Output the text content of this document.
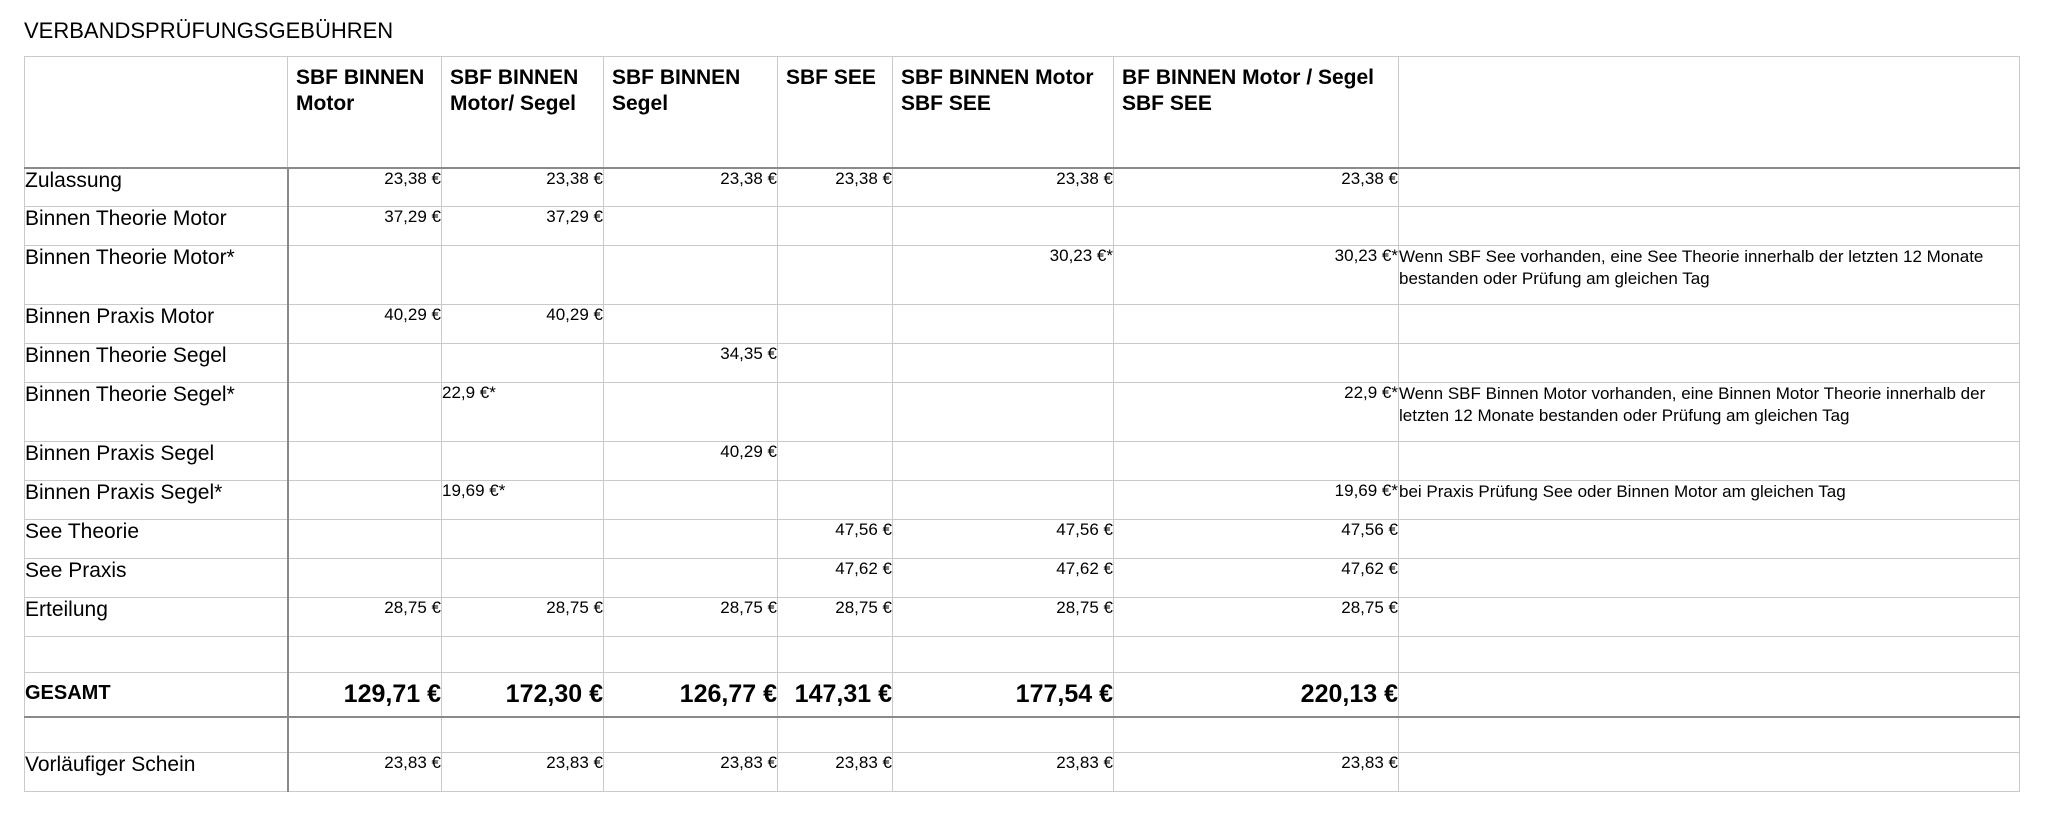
VERBANDSPRÜFUNGSGEBÜHREN
	SBF BINNEN Motor	SBF BINNEN Motor/ Segel	SBF BINNEN Segel	SBF SEE	SBF BINNEN Motor SBF SEE	BF BINNEN Motor / Segel SBF SEE	
Zulassung	23,38 €	23,38 €	23,38 €	23,38 €	23,38 €	23,38 €	
Binnen Theorie Motor	37,29 €	37,29 €					
Binnen Theorie Motor*					30,23 €*	30,23 €*	Wenn SBF See vorhanden, eine See Theorie innerhalb der letzten 12 Monate bestanden oder Prüfung am gleichen Tag
Binnen Praxis Motor	40,29 €	40,29 €					
Binnen Theorie Segel			34,35 €				
Binnen Theorie Segel*		22,9 €*				22,9 €*	Wenn SBF Binnen Motor vorhanden, eine Binnen Motor Theorie innerhalb der letzten 12 Monate bestanden oder Prüfung am gleichen Tag
Binnen Praxis Segel			40,29 €				
Binnen Praxis Segel*		19,69 €*				19,69 €*	bei Praxis Prüfung See oder Binnen Motor am gleichen Tag
See Theorie				47,56 €	47,56 €	47,56 €	
See Praxis				47,62 €	47,62 €	47,62 €	
Erteilung	28,75 €	28,75 €	28,75 €	28,75 €	28,75 €	28,75 €	

GESAMT	129,71 €	172,30 €	126,77 €	147,31 €	177,54 €	220,13 €	

Vorläufiger Schein	23,83 €	23,83 €	23,83 €	23,83 €	23,83 €	23,83 €	
